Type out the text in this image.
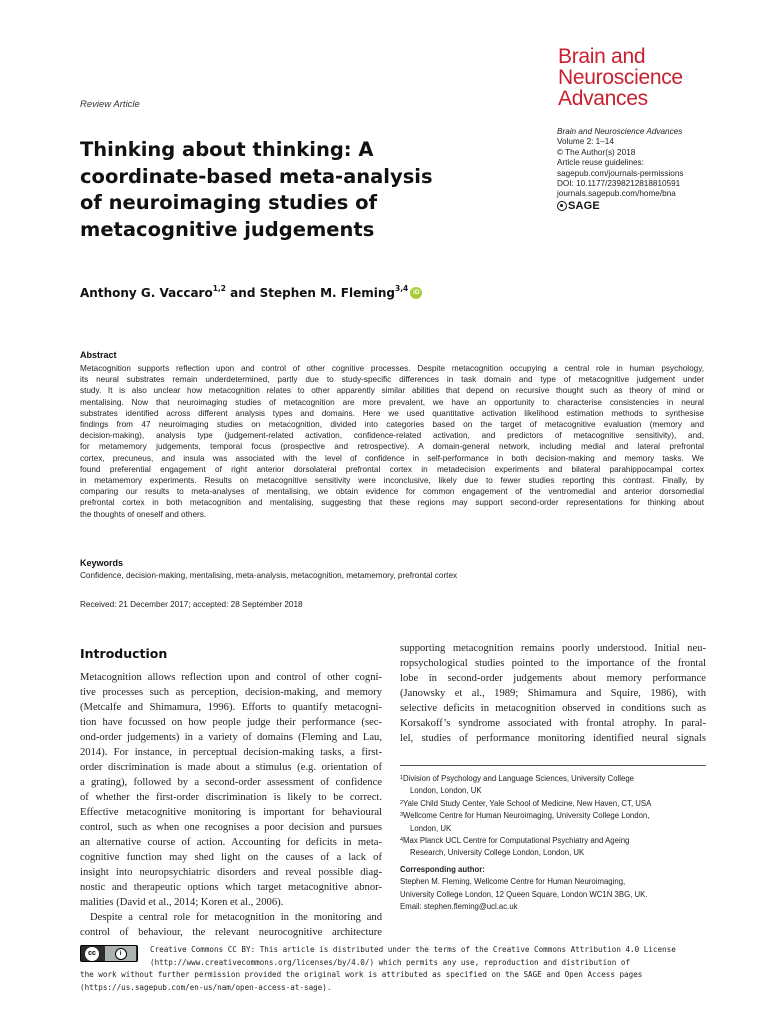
Brain and
Neuroscience
Advances
Review Article
Thinking about thinking: A
coordinate-based meta-analysis
of neuroimaging studies of
metacognitive judgements
Brain and Neuroscience Advances
Volume 2: 1–14
© The Author(s) 2018
Article reuse guidelines:
sagepub.com/journals-permissions
DOI: 10.1177/2398212818810591
journals.sagepub.com/home/bna
SAGE
Anthony G. Vaccaro$^{1,2}$ and Stephen M. Fleming$^{3,4}$ iD
Abstract
Metacognition supports reflection upon and control of other cognitive processes. Despite metacognition occupying a central role in human psychology,
its neural substrates remain underdetermined, partly due to study-specific differences in task domain and type of metacognitive judgement under
study. It is also unclear how metacognition relates to other apparently similar abilities that depend on recursive thought such as theory of mind or
mentalising. Now that neuroimaging studies of metacognition are more prevalent, we have an opportunity to characterise consistencies in neural
substrates identified across different analysis types and domains. Here we used quantitative activation likelihood estimation methods to synthesise
findings from 47 neuroimaging studies on metacognition, divided into categories based on the target of metacognitive evaluation (memory and
decision-making), analysis type (judgement-related activation, confidence-related activation, and predictors of metacognitive sensitivity), and,
for metamemory judgements, temporal focus (prospective and retrospective). A domain-general network, including medial and lateral prefrontal
cortex, precuneus, and insula was associated with the level of confidence in self-performance in both decision-making and memory tasks. We
found preferential engagement of right anterior dorsolateral prefrontal cortex in metadecision experiments and bilateral parahippocampal cortex
in metamemory experiments. Results on metacognitive sensitivity were inconclusive, likely due to fewer studies reporting this contrast. Finally, by
comparing our results to meta-analyses of mentalising, we obtain evidence for common engagement of the ventromedial and anterior dorsomedial
prefrontal cortex in both metacognition and mentalising, suggesting that these regions may support second-order representations for thinking about
the thoughts of oneself and others.
Keywords
Confidence, decision-making, mentalising, meta-analysis, metacognition, metamemory, prefrontal cortex
Received: 21 December 2017; accepted: 28 September 2018
Introduction
Metacognition allows reflection upon and control of other cogni-
tive processes such as perception, decision-making, and memory
(Metcalfe and Shimamura, 1996). Efforts to quantify metacogni-
tion have focussed on how people judge their performance (sec-
ond-order judgements) in a variety of domains (Fleming and Lau,
2014). For instance, in perceptual decision-making tasks, a first-
order discrimination is made about a stimulus (e.g. orientation of
a grating), followed by a second-order assessment of confidence
of whether the first-order discrimination is likely to be correct.
Effective metacognitive monitoring is important for behavioural
control, such as when one recognises a poor decision and pursues
an alternative course of action. Accounting for deficits in meta-
cognitive function may shed light on the causes of a lack of
insight into neuropsychiatric disorders and reveal possible diag-
nostic and therapeutic options which target metacognitive abnor-
malities (David et al., 2014; Koren et al., 2006).
Despite a central role for metacognition in the monitoring and
control of behaviour, the relevant neurocognitive architecture
supporting metacognition remains poorly understood. Initial neu-
ropsychological studies pointed to the importance of the frontal
lobe in second-order judgements about memory performance
(Janowsky et al., 1989; Shimamura and Squire, 1986), with
selective deficits in metacognition observed in conditions such as
Korsakoff’s syndrome associated with frontal atrophy. In paral-
lel, studies of performance monitoring identified neural signals
$^1$ Division of Psychology and Language Sciences, University College
London, London, UK
$^2$ Yale Child Study Center, Yale School of Medicine, New Haven, CT, USA
$^3$ Wellcome Centre for Human Neuroimaging, University College London,
London, UK
$^4$ Max Planck UCL Centre for Computational Psychiatry and Ageing
Research, University College London, London, UK
Corresponding author:
Stephen M. Fleming, Wellcome Centre for Human Neuroimaging,
University College London, 12 Queen Square, London WC1N 3BG, UK.
Email: stephen.fleming@ucl.ac.uk
cc	i	Creative Commons CC BY: This article is distributed under the terms of the Creative Commons Attribution 4.0 License
(http://www.creativecommons.org/licenses/by/4.0/) which permits any use, reproduction and distribution of
the work without further permission provided the original work is attributed as specified on the SAGE and Open Access pages
(https://us.sagepub.com/en-us/nam/open-access-at-sage).
